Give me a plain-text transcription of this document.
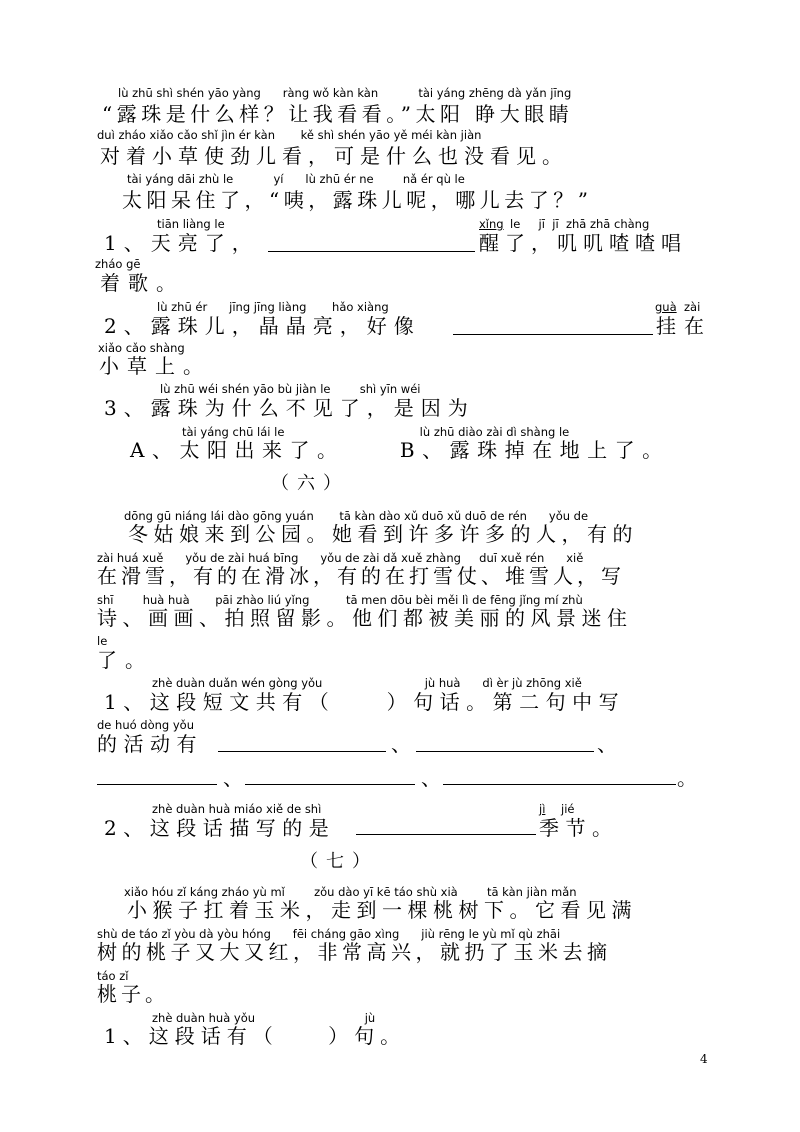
lù zhū shì shén yāo yàng      ràng wǒ kàn kàn           tài yáng zhēng dà yǎn jīng
“露珠是什么样？让我看看。”太阳 睁大眼睛
duì zháo xiǎo cǎo shǐ jìn ér kàn       kě shì shén yāo yě méi kàn jiàn
对着小草使劲儿看，可是什么也没看见。
tài yáng dāi zhù le           yí      lù zhū ér ne        nǎ ér qù le
太阳呆住了，“咦，露珠儿呢，哪儿去了？”
tiān liàng le	xǐng le     jī  jī  zhā zhā chàng
1、天亮了，	醒了，叽叽喳喳唱
zháo gē
着歌。
lù zhū ér      jīng jīng liàng       hǎo xiàng	guà zài
2、露珠儿，晶晶亮，好像	挂在
xiǎo cǎo shàng
小草上。
lù zhū wéi shén yāo bù jiàn le        shì yīn wéi
3、露珠为什么不见了，是因为
tài yáng chū lái le                                     lù zhū diào zài dì shàng le
A、太阳出来了。    B、露珠掉在地上了。
（六）
dōng gū niáng lái dào gōng yuán       tā kàn dào xǔ duō xǔ duō de rén      yǒu de
冬姑娘来到公园。她看到许多许多的人，有的
zài huá xuě      yǒu de zài huá bīng      yǒu de zài dǎ xuě zhàng     duī xuě rén      xiě
在滑雪，有的在滑冰，有的在打雪仗、堆雪人，写
shī        huà huà       pāi zhào liú yǐng          tā men dōu bèi měi lì de fēng jǐng mí zhù
诗、画画、拍照留影。他们都被美丽的风景迷住
le
了。
zhè duàn duǎn wén gòng yǒu                            jù huà      dì èr jù zhōng xiě
1、这段短文共有（    ）句话。第二句中写
de huó dòng yǒu
的活动有	、	、
、	、	。
zhè duàn huà miáo xiě de shì	jì jié
2、这段话描写的是	季节。
（七）
xiǎo hóu zǐ káng zháo yù mǐ        zǒu dào yī kē táo shù xià        tā kàn jiàn mǎn
小猴子扛着玉米，走到一棵桃树下。它看见满
shù de táo zǐ yòu dà yòu hóng      fēi cháng gāo xìng      jiù rēng le yù mǐ qù zhāi
树的桃子又大又红，非常高兴，就扔了玉米去摘
táo zǐ
桃子。
zhè duàn huà yǒu                              jù
1、这段话有（    ）句。
4
